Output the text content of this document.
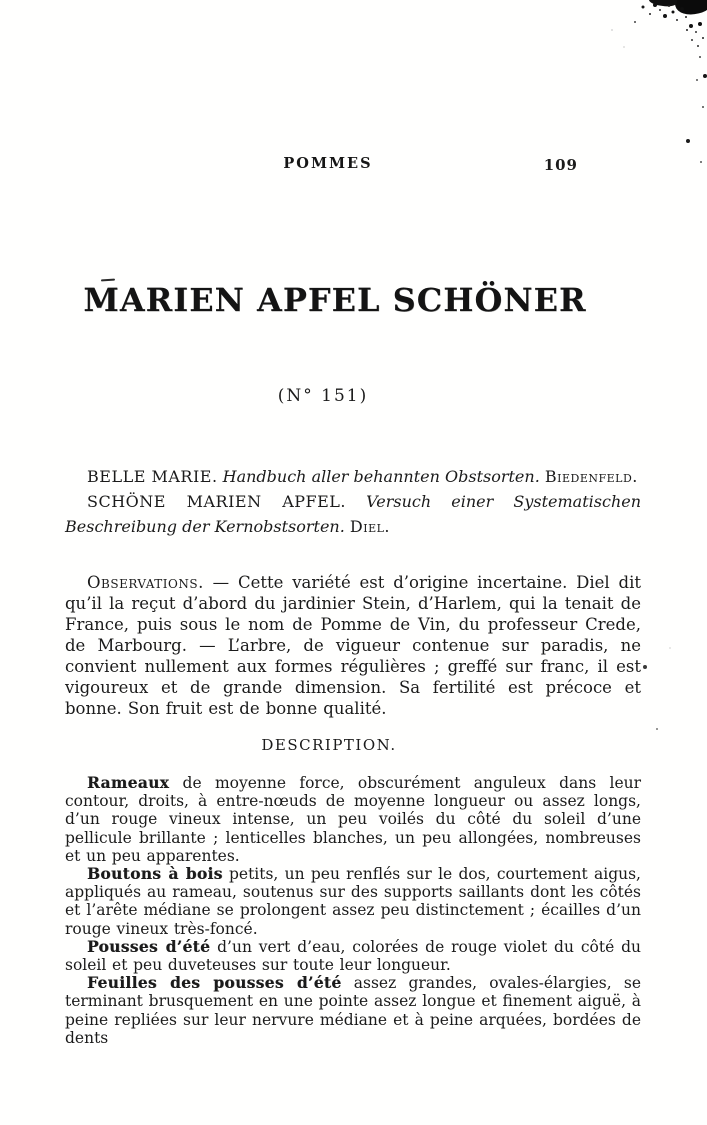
POMMES	109
MARIEN APFEL SCHÖNER
(N° 151)

BELLE MARIE. Handbuch aller behannten Obstsorten. Biedenfeld.

SCHÖNE MARIEN APFEL. Versuch einer Systematischen Beschreibung der Kernobstsorten. Diel.

Observations. — Cette variété est d’origine incertaine. Diel dit qu’il la reçut d’abord du jardinier Stein, d’Harlem, qui la tenait de France, puis sous le nom de Pomme de Vin, du professeur Crede, de Marbourg. — L’arbre, de vigueur contenue sur paradis, ne convient nullement aux formes régulières ; greffé sur franc, il est vigoureux et de grande dimension. Sa fertilité est précoce et bonne. Son fruit est de bonne qualité.

DESCRIPTION.

Rameaux de moyenne force, obscurément anguleux dans leur contour, droits, à entre-nœuds de moyenne longueur ou assez longs, d’un rouge vineux intense, un peu voilés du côté du soleil d’une pellicule brillante ; lenticelles blanches, un peu allongées, nombreuses et un peu apparentes.

Boutons à bois petits, un peu renflés sur le dos, courtement aigus, appliqués au rameau, soutenus sur des supports saillants dont les côtés et l’arête médiane se prolongent assez peu distinctement ; écailles d’un rouge vineux très-foncé.

Pousses d’été d’un vert d’eau, colorées de rouge violet du côté du soleil et peu duveteuses sur toute leur longueur.

Feuilles des pousses d’été assez grandes, ovales-élargies, se terminant brusquement en une pointe assez longue et finement aiguë, à peine repliées sur leur nervure médiane et à peine arquées, bordées de dents
